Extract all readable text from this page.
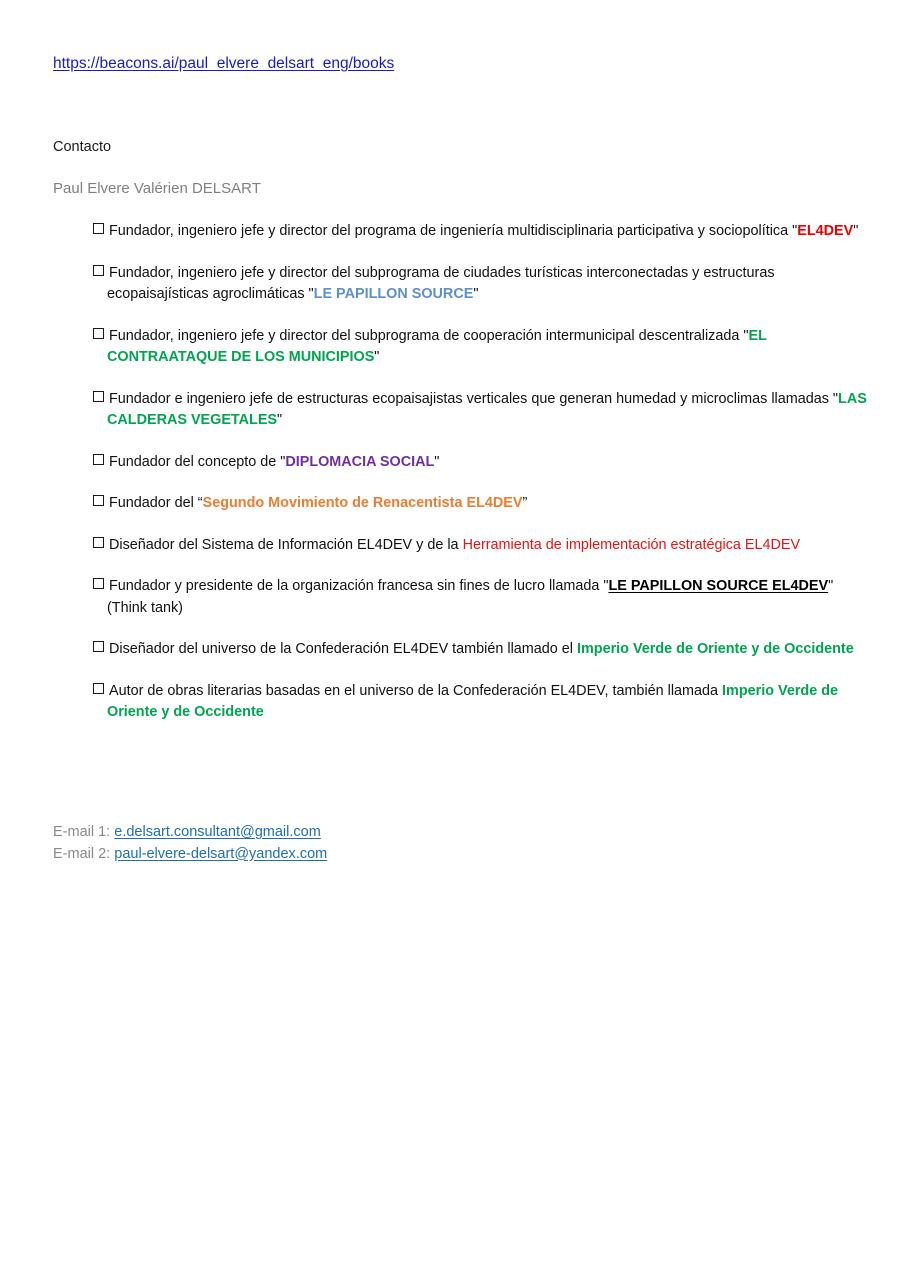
https://beacons.ai/paul_elvere_delsart_eng/books
Contacto
Paul Elvere Valérien DELSART
Fundador, ingeniero jefe y director del programa de ingeniería multidisciplinaria participativa y sociopolítica "EL4DEV"
Fundador, ingeniero jefe y director del subprograma de ciudades turísticas interconectadas y estructuras ecopaisajísticas agroclimáticas "LE PAPILLON SOURCE"
Fundador, ingeniero jefe y director del subprograma de cooperación intermunicipal descentralizada "EL CONTRAATAQUE DE LOS MUNICIPIOS"
Fundador e ingeniero jefe de estructuras ecopaisajistas verticales que generan humedad y microclimas llamadas "LAS CALDERAS VEGETALES"
Fundador del concepto de "DIPLOMACIA SOCIAL"
Fundador del “Segundo Movimiento de Renacentista EL4DEV”
Diseñador del Sistema de Información EL4DEV y de la Herramienta de implementación estratégica EL4DEV
Fundador y presidente de la organización francesa sin fines de lucro llamada "LE PAPILLON SOURCE EL4DEV" (Think tank)
Diseñador del universo de la Confederación EL4DEV también llamado el Imperio Verde de Oriente y de Occidente
Autor de obras literarias basadas en el universo de la Confederación EL4DEV, también llamada Imperio Verde de Oriente y de Occidente
E-mail 1: e.delsart.consultant@gmail.com
E-mail 2: paul-elvere-delsart@yandex.com
